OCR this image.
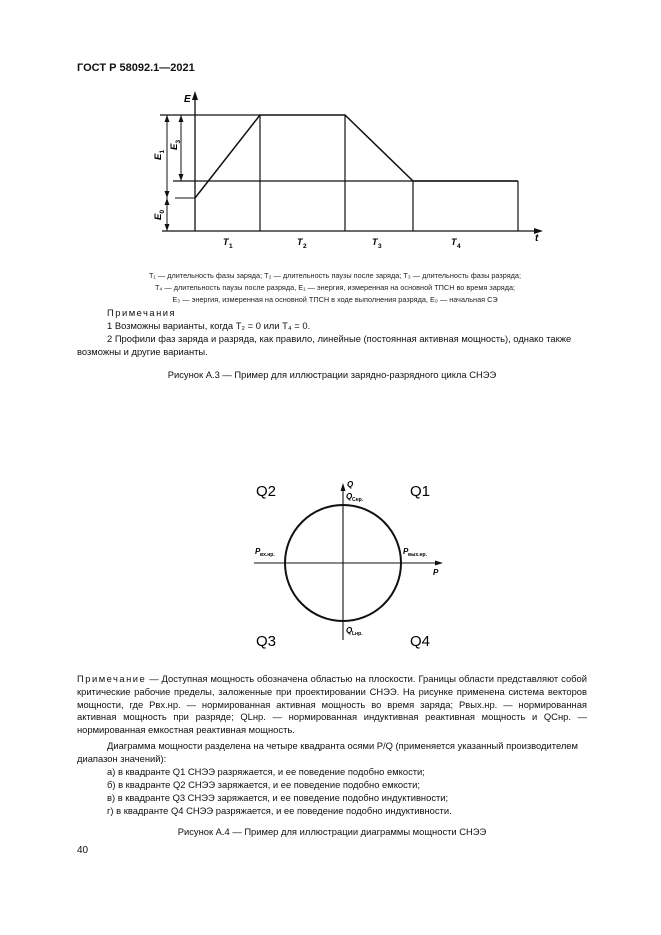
ГОСТ Р 58092.1—2021
E
t
E
1
E
3
E
0
T 1	T 2	T 3	T 4
T₁ — длительность фазы заряда; T₂ — длительность паузы после заряда; T₃ — длительность фазы разряда;
T₄ — длительность паузы после разряда, E₁ — энергия, измеренная на основной ТПСН во время заряда;
E₃ — энергия, измеренная на основной ТПСН в ходе выполнения разряда, E₀ — начальная СЭ
Примечания
1 Возможны варианты, когда T₂ = 0 или T₄ = 0.
2 Профили фаз заряда и разряда, как правило, линейные (постоянная активная мощность), однако также возможны и другие варианты.
Рисунок А.3 — Пример для иллюстрации зарядно-разрядного цикла СНЭЭ
Q2	Q1
Q3	Q4
Q
P
Q Cнр.
Q Lнр.
P вх.нр.	P вых.нр.
Примечание — Доступная мощность обозначена областью на плоскости. Границы области представляют собой критические рабочие пределы, заложенные при проектировании СНЭЭ. На рисунке применена система векторов мощности, где Pвх.нр. — нормированная активная мощность во время заряда; Pвых.нр. — нормированная активная мощность при разряде; QLнр. — нормированная индуктивная реактивная мощность и QCнр. — нормированная емкостная реактивная мощность.
Диаграмма мощности разделена на четыре квадранта осями P/Q (применяется указанный производителем диапазон значений):
а) в квадранте Q1 СНЭЭ разряжается, и ее поведение подобно емкости;
б) в квадранте Q2 СНЭЭ заряжается, и ее поведение подобно емкости;
в) в квадранте Q3 СНЭЭ заряжается, и ее поведение подобно индуктивности;
г) в квадранте Q4 СНЭЭ разряжается, и ее поведение подобно индуктивности.
Рисунок А.4 — Пример для иллюстрации диаграммы мощности СНЭЭ
40
